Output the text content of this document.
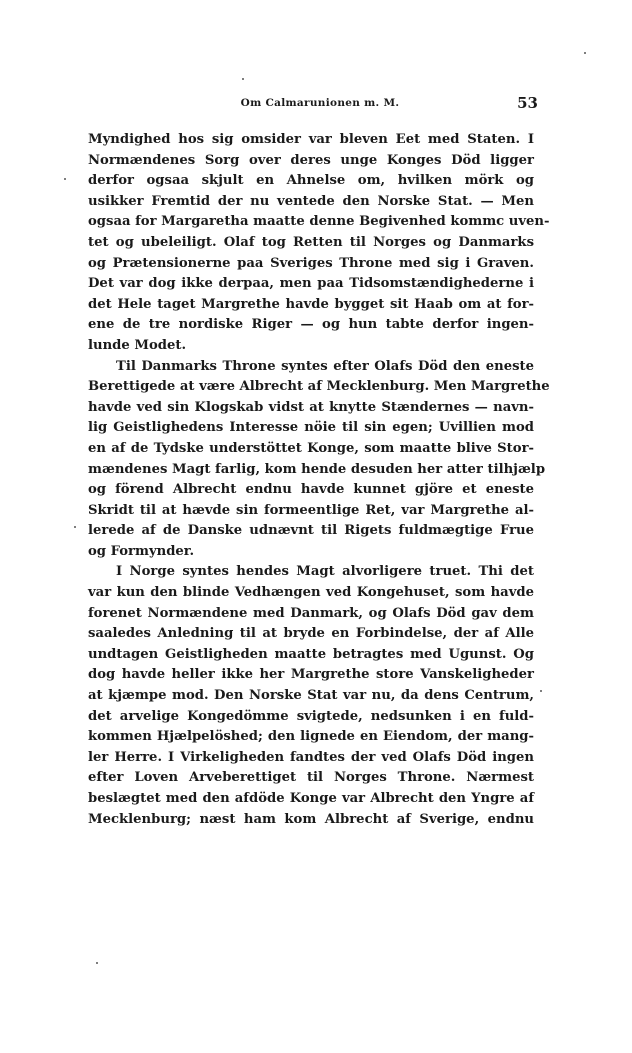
Om Calmarunionen m. M.	53
Myndighed hos sig omsider var bleven Eet med Staten. I
Normændenes Sorg over deres unge Konges Död ligger
derfor ogsaa skjult en Ahnelse om, hvilken mörk og
usikker Fremtid der nu ventede den Norske Stat. — Men
ogsaa for Margaretha maatte denne Begivenhed kommc uven-
tet og ubeleiligt. Olaf tog Retten til Norges og Danmarks
og Prætensionerne paa Sveriges Throne med sig i Graven.
Det var dog ikke derpaa, men paa Tidsomstændighederne i
det Hele taget Margrethe havde bygget sit Haab om at for-
ene de tre nordiske Riger — og hun tabte derfor ingen-
lunde Modet.
Til Danmarks Throne syntes efter Olafs Död den eneste
Berettigede at være Albrecht af Mecklenburg. Men Margrethe
havde ved sin Klogskab vidst at knytte Stændernes — navn-
lig Geistlighedens Interesse nöie til sin egen; Uvillien mod
en af de Tydske understöttet Konge, som maatte blive Stor-
mændenes Magt farlig, kom hende desuden her atter tilhjælp
og förend Albrecht endnu havde kunnet gjöre et eneste
Skridt til at hævde sin formeentlige Ret, var Margrethe al-
lerede af de Danske udnævnt til Rigets fuldmægtige Frue
og Formynder.
I Norge syntes hendes Magt alvorligere truet. Thi det
var kun den blinde Vedhængen ved Kongehuset, som havde
forenet Normændene med Danmark, og Olafs Död gav dem
saaledes Anledning til at bryde en Forbindelse, der af Alle
undtagen Geistligheden maatte betragtes med Ugunst. Og
dog havde heller ikke her Margrethe store Vanskeligheder
at kjæmpe mod. Den Norske Stat var nu, da dens Centrum,
det arvelige Kongedömme svigtede, nedsunken i en fuld-
kommen Hjælpelöshed; den lignede en Eiendom, der mang-
ler Herre. I Virkeligheden fandtes der ved Olafs Död ingen
efter Loven Arveberettiget til Norges Throne. Nærmest
beslægtet med den afdöde Konge var Albrecht den Yngre af
Mecklenburg; næst ham kom Albrecht af Sverige, endnu
